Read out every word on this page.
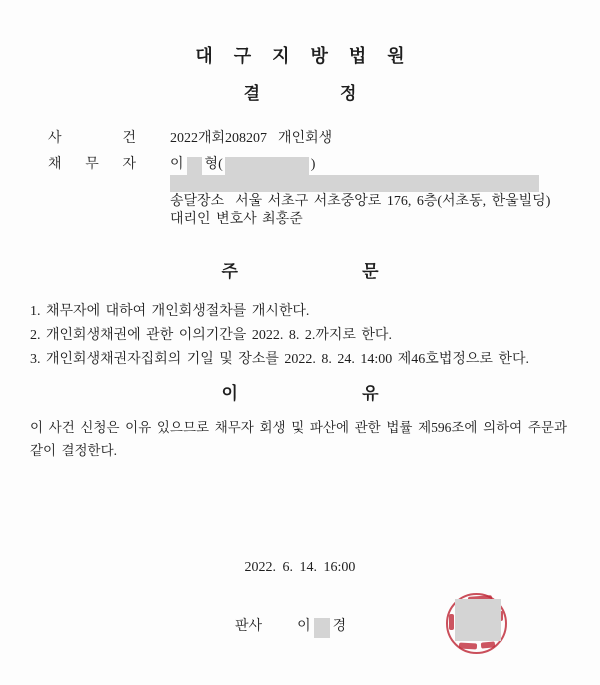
대구지방법원
결정
사 건 2022개회208207  개인회생
채 무 자 이 형 (	)
송달장소  서울 서초구 서초중앙로 176, 6층(서초동, 한울빌딩)
대리인 변호사 최홍준
주 문
1. 채무자에 대하여 개인회생절차를 개시한다.
2. 개인회생채권에 관한 이의기간을 2022. 8. 2.까지로 한다.
3. 개인회생채권자집회의 기일 및 장소를 2022. 8. 24. 14:00 제46호법정으로 한다.
이 유
이 사건 신청은 이유 있으므로 채무자 회생 및 파산에 관한 법률 제596조에 의하여 주문과 같이 결정한다.
2022. 6. 14. 16:00
판사	이 경
